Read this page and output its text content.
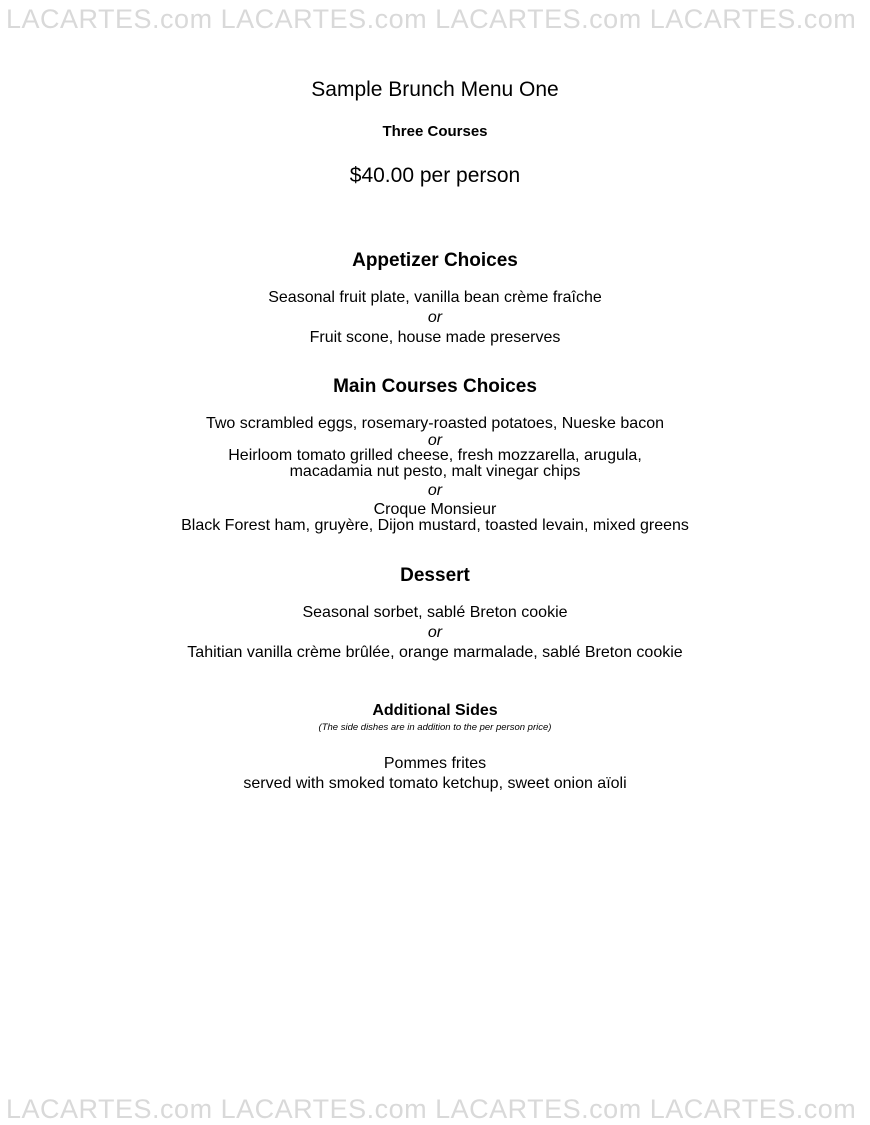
LACARTES.com LACARTES.com LACARTES.com LACARTES.com
Sample Brunch Menu One
Three Courses
$40.00 per person
Appetizer Choices
Seasonal fruit plate, vanilla bean crème fraîche
or
Fruit scone, house made preserves
Main Courses Choices
Two scrambled eggs, rosemary-roasted potatoes, Nueske bacon
or
Heirloom tomato grilled cheese, fresh mozzarella, arugula,
macadamia nut pesto, malt vinegar chips
or
Croque Monsieur
Black Forest ham, gruyère, Dijon mustard, toasted levain, mixed greens
Dessert
Seasonal sorbet, sablé Breton cookie
or
Tahitian vanilla crème brûlée, orange marmalade, sablé Breton cookie
Additional Sides
(The side dishes are in addition to the per person price)
Pommes frites
served with smoked tomato ketchup, sweet onion aïoli
LACARTES.com LACARTES.com LACARTES.com LACARTES.com
